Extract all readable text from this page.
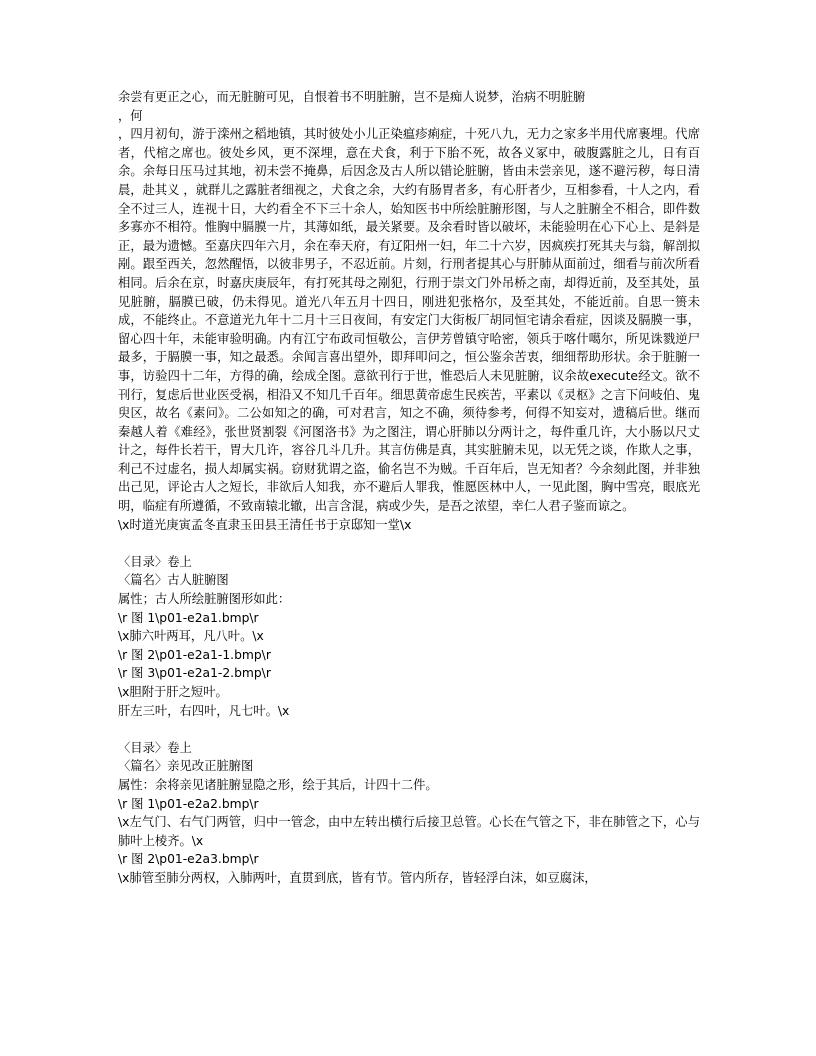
余尝有更正之心，而无脏腑可见，自恨着书不明脏腑，岂不是痴人说梦，治病不明脏腑

，何

，四月初旬，游于滦州之稻地镇，其时彼处小儿正染瘟疹痢症，十死八九，无力之家多半用代席裹埋。代席者，代棺之席也。彼处乡风，更不深埋，意在犬食，利于下胎不死，故各义冢中，破腹露脏之儿，日有百余。余每日压马过其地，初未尝不掩鼻，后因念及古人所以错论脏腑，皆由未尝亲见，遂不避污秽，每日清晨，赴其义 ，就群儿之露脏者细视之，犬食之余，大约有肠胃者多，有心肝者少，互相参看，十人之内，看全不过三人，连视十日，大约看全不下三十余人，始知医书中所绘脏腑形图，与人之脏腑全不相合，即件数多寡亦不相符。惟胸中膈膜一片，其薄如纸，最关紧要。及余看时皆以破坏，未能验明在心下心上、是斜是正，最为遗憾。至嘉庆四年六月，余在奉天府，有辽阳州一妇，年二十六岁，因疯疾打死其夫与翁，解剖拟剐。跟至西关，忽然醒悟，以彼非男子，不忍近前。片刻，行刑者提其心与肝肺从面前过，细看与前次所看相同。后余在京，时嘉庆庚辰年，有打死其母之剐犯，行刑于崇文门外吊桥之南，却得近前，及至其处，虽见脏腑，膈膜已破，仍未得见。道光八年五月十四日，刚进犯张格尔，及至其处，不能近前。自思一篑未成，不能终止。不意道光九年十二月十三日夜间，有安定门大街板厂胡同恒宅请余看症，因谈及膈膜一事，留心四十年，未能审验明确。内有江宁布政司恒敬公，言伊芳曾镇守哈密，领兵于喀什噶尔，所见诛戮逆尸最多，于膈膜一事，知之最悉。余闻言喜出望外，即拜叩问之，恒公鉴余苦衷，细细帮助形状。余于脏腑一事，访验四十二年，方得的确，绘成全图。意欲刊行于世，惟恐后人未见脏腑，议余故execute经文。欲不刊行，复虑后世业医受祸，相沿又不知几千百年。细思黄帝虑生民疾苦，平素以《灵枢》之言下问岐伯、鬼臾区，故名《素问》。二公如知之的确，可对君言，知之不确，须待参考，何得不知妄对，遗稿后世。继而秦越人着《难经》，张世贤割裂《河图洛书》为之图注，谓心肝肺以分两计之，每件重几许，大小肠以尺丈计之，每件长若干，胃大几许，容谷几斗几升。其言仿佛是真，其实脏腑未见，以无凭之谈，作欺人之事，利己不过虚名，损人却属实祸。窃财犹谓之盗，偷名岂不为贼。千百年后，岂无知者？今余刻此图，并非独出己见，评论古人之短长，非欲后人知我，亦不避后人罪我，惟愿医林中人，一见此图，胸中雪亮，眼底光明，临症有所遵循，不致南辕北辙，出言含混，病或少失，是吾之浓望，幸仁人君子鉴而谅之。

\x时道光庚寅孟冬直隶玉田县王清任书于京邸知一堂\x

〈目录〉卷上

〈篇名〉古人脏腑图

属性；古人所绘脏腑图形如此：

\r 图 1\p01-e2a1.bmp\r

\x肺六叶两耳，凡八叶。\x

\r 图 2\p01-e2a1-1.bmp\r

\r 图 3\p01-e2a1-2.bmp\r

\x胆附于肝之短叶。

肝左三叶，右四叶，凡七叶。\x

〈目录〉卷上

〈篇名〉亲见改正脏腑图

属性：余将亲见诸脏腑显隐之形，绘于其后，计四十二件。

\r 图 1\p01-e2a2.bmp\r

\x左气门、右气门两管，归中一管念，由中左转出横行后接卫总管。心长在气管之下，非在肺管之下，心与肺叶上棱齐。\x

\r 图 2\p01-e2a3.bmp\r

\x肺管至肺分两权，入肺两叶，直贯到底，皆有节。管内所存，皆轻浮白沫，如豆腐沫，
